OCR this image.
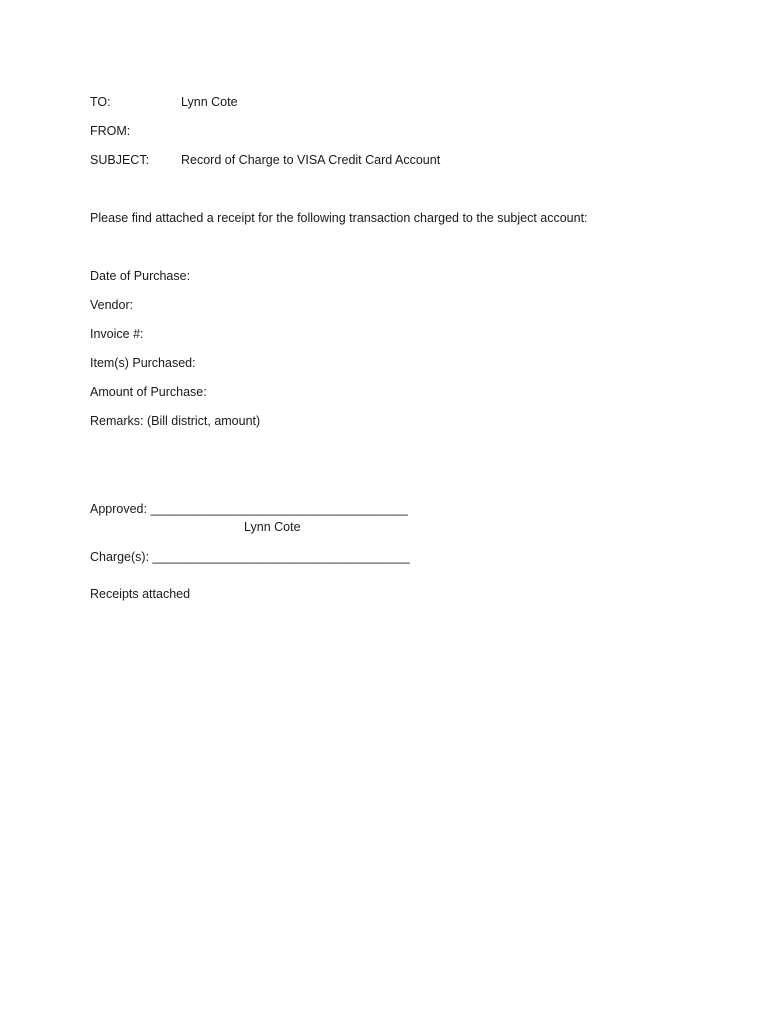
TO:	Lynn Cote
FROM:
SUBJECT:	Record of Charge to VISA Credit Card Account
Please find attached a receipt for the following transaction charged to the subject account:
Date of Purchase:
Vendor:
Invoice #:
Item(s) Purchased:
Amount of Purchase:
Remarks: (Bill district, amount)
Approved: _____________________________________
Lynn Cote
Charge(s): _____________________________________
Receipts attached
